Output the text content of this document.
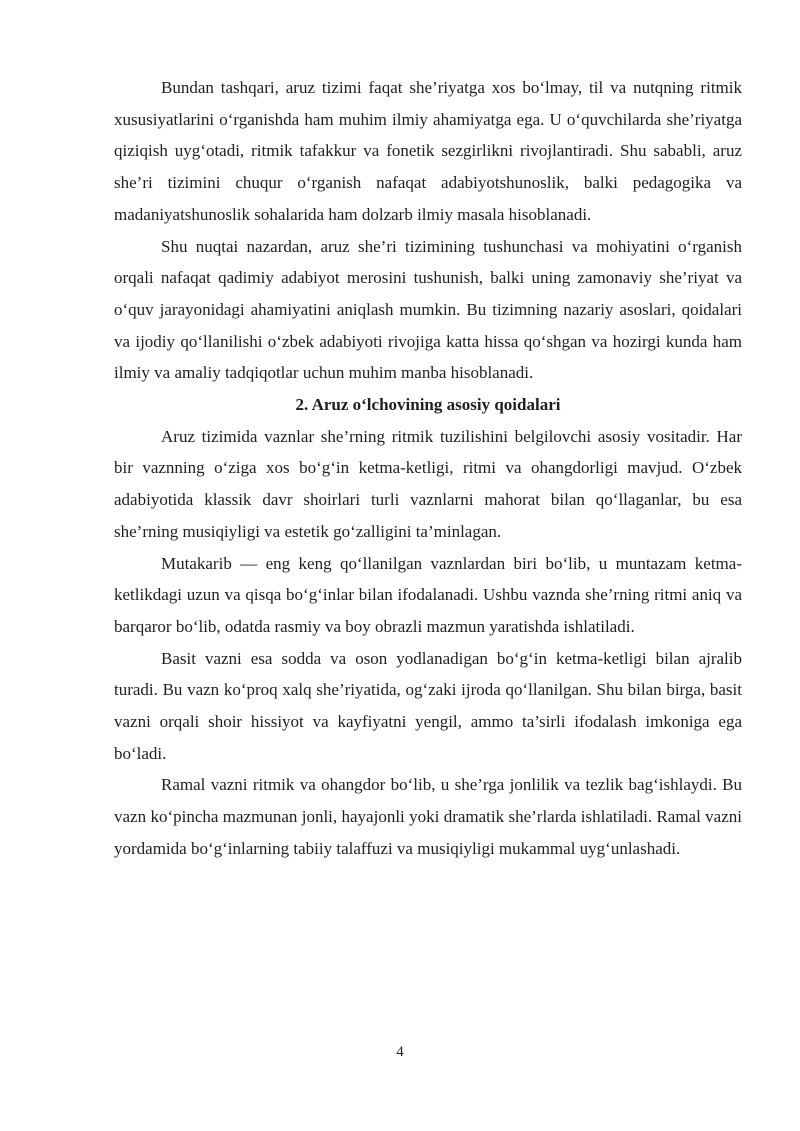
Bundan tashqari, aruz tizimi faqat she’riyatga xos bo‘lmay, til va nutqning ritmik xususiyatlarini o‘rganishda ham muhim ilmiy ahamiyatga ega. U o‘quvchilarda she’riyatga qiziqish uyg‘otadi, ritmik tafakkur va fonetik sezgirlikni rivojlantiradi. Shu sababli, aruz she’ri tizimini chuqur o‘rganish nafaqat adabiyotshunoslik, balki pedagogika va madaniyatshunoslik sohalarida ham dolzarb ilmiy masala hisoblanadi.

Shu nuqtai nazardan, aruz she’ri tizimining tushunchasi va mohiyatini o‘rganish orqali nafaqat qadimiy adabiyot merosini tushunish, balki uning zamonaviy she’riyat va o‘quv jarayonidagi ahamiyatini aniqlash mumkin. Bu tizimning nazariy asoslari, qoidalari va ijodiy qo‘llanilishi o‘zbek adabiyoti rivojiga katta hissa qo‘shgan va hozirgi kunda ham ilmiy va amaliy tadqiqotlar uchun muhim manba hisoblanadi.

2. Aruz o‘lchovining asosiy qoidalari

Aruz tizimida vaznlar she’rning ritmik tuzilishini belgilovchi asosiy vositadir. Har bir vaznning o‘ziga xos bo‘g‘in ketma-ketligi, ritmi va ohangdorligi mavjud. O‘zbek adabiyotida klassik davr shoirlari turli vaznlarni mahorat bilan qo‘llaganlar, bu esa she’rning musiqiyligi va estetik go‘zalligini ta’minlagan.

Mutakarib — eng keng qo‘llanilgan vaznlardan biri bo‘lib, u muntazam ketma-ketlikdagi uzun va qisqa bo‘g‘inlar bilan ifodalanadi. Ushbu vaznda she’rning ritmi aniq va barqaror bo‘lib, odatda rasmiy va boy obrazli mazmun yaratishda ishlatiladi.

Basit vazni esa sodda va oson yodlanadigan bo‘g‘in ketma-ketligi bilan ajralib turadi. Bu vazn ko‘proq xalq she’riyatida, og‘zaki ijroda qo‘llanilgan. Shu bilan birga, basit vazni orqali shoir hissiyot va kayfiyatni yengil, ammo ta’sirli ifodalash imkoniga ega bo‘ladi.

Ramal vazni ritmik va ohangdor bo‘lib, u she’rga jonlilik va tezlik bag‘ishlaydi. Bu vazn ko‘pincha mazmunan jonli, hayajonli yoki dramatik she’rlarda ishlatiladi. Ramal vazni yordamida bo‘g‘inlarning tabiiy talaffuzi va musiqiyligi mukammal uyg‘unlashadi.

4
